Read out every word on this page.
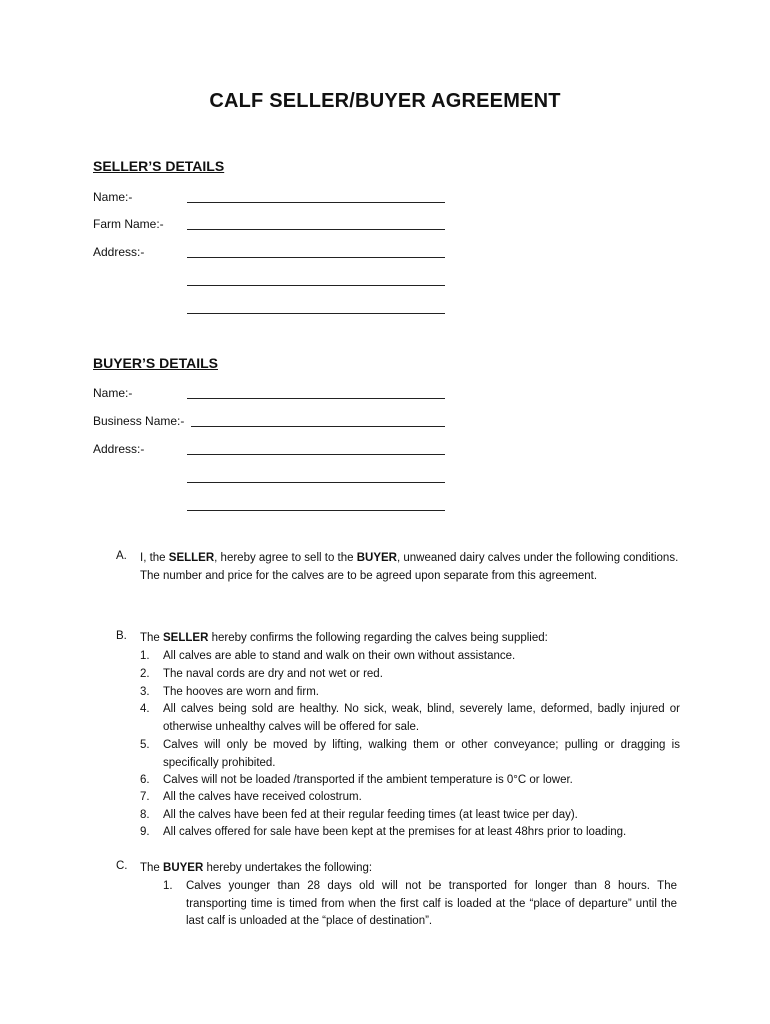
CALF SELLER/BUYER AGREEMENT
SELLER’S DETAILS
Name:-
Farm Name:-
Address:-
BUYER’S DETAILS
Name:-
Business Name:-
Address:-
A. I, the SELLER, hereby agree to sell to the BUYER, unweaned dairy calves under the following conditions. The number and price for the calves are to be agreed upon separate from this agreement.
B. The SELLER hereby confirms the following regarding the calves being supplied:
1. All calves are able to stand and walk on their own without assistance.
2. The naval cords are dry and not wet or red.
3. The hooves are worn and firm.
4. All calves being sold are healthy. No sick, weak, blind, severely lame, deformed, badly injured or otherwise unhealthy calves will be offered for sale.
5. Calves will only be moved by lifting, walking them or other conveyance; pulling or dragging is specifically prohibited.
6. Calves will not be loaded /transported if the ambient temperature is 0°C or lower.
7. All the calves have received colostrum.
8. All the calves have been fed at their regular feeding times (at least twice per day).
9. All calves offered for sale have been kept at the premises for at least 48hrs prior to loading.
C. The BUYER hereby undertakes the following:
1. Calves younger than 28 days old will not be transported for longer than 8 hours. The transporting time is timed from when the first calf is loaded at the “place of departure” until the last calf is unloaded at the “place of destination”.
